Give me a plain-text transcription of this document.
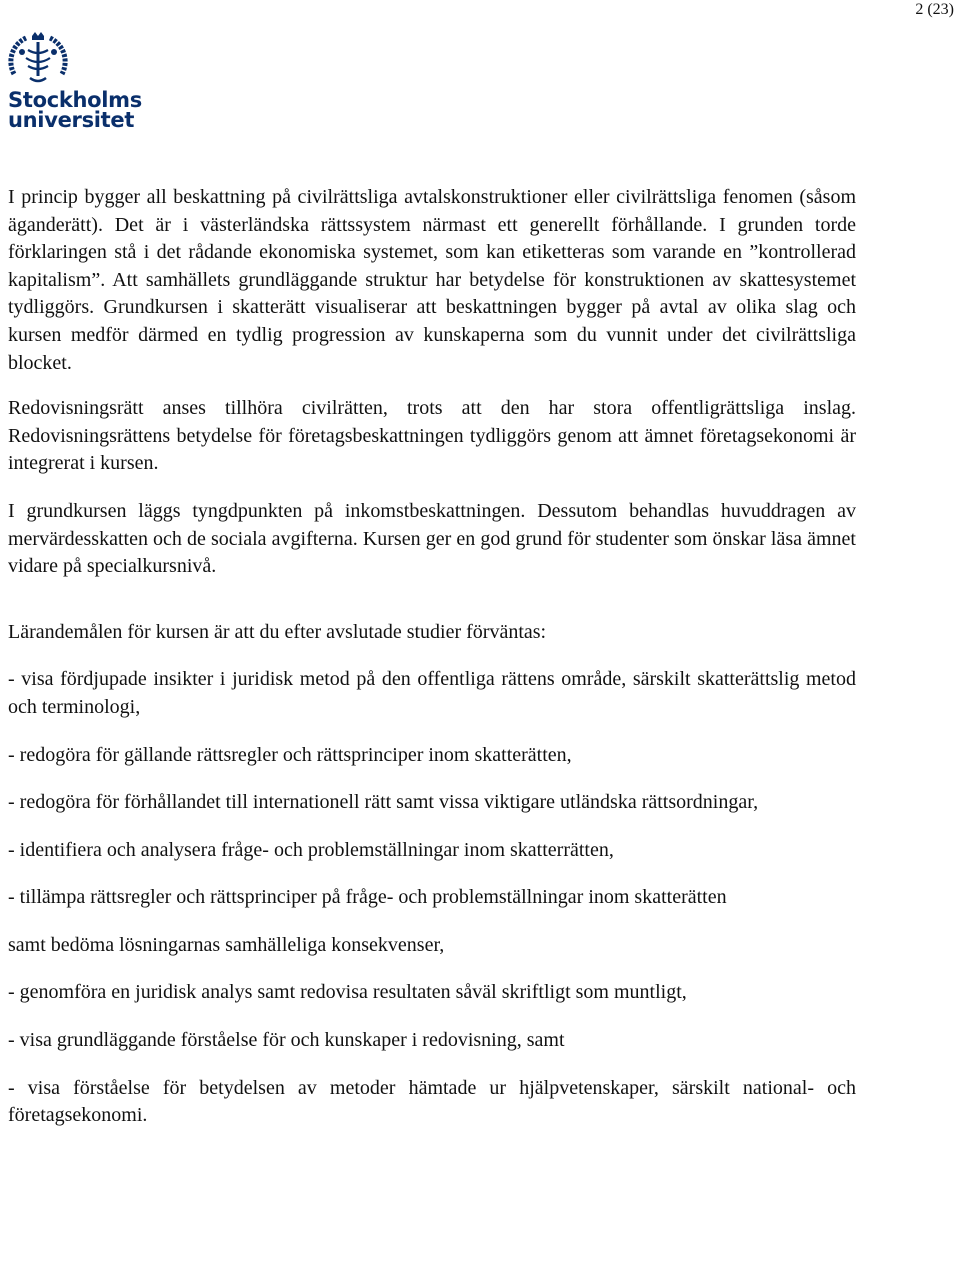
2 (23)
Stockholms
universitet

I princip bygger all beskattning på civilrättsliga avtalskonstruktioner eller civilrättsliga fenomen (såsom äganderätt). Det är i västerländska rättssystem närmast ett generellt förhållande. I grunden torde förklaringen stå i det rådande ekonomiska systemet, som kan etiketteras som varande en ”kontrollerad kapitalism”. Att samhällets grundläggande struktur har betydelse för konstruktionen av skattesystemet tydliggörs. Grundkursen i skatterätt visualiserar att beskattningen bygger på avtal av olika slag och kursen medför därmed en tydlig progression av kunskaperna som du vunnit under det civilrättsliga blocket.

Redovisningsrätt anses tillhöra civilrätten, trots att den har stora offentligrättsliga inslag. Redovisningsrättens betydelse för företagsbeskattningen tydliggörs genom att ämnet företagsekonomi är integrerat i kursen.

I grundkursen läggs tyngdpunkten på inkomstbeskattningen. Dessutom behandlas huvuddragen av mervärdesskatten och de sociala avgifterna. Kursen ger en god grund för studenter som önskar läsa ämnet vidare på specialkursnivå.

Lärandemålen för kursen är att du efter avslutade studier förväntas:

- visa fördjupade insikter i juridisk metod på den offentliga rättens område, särskilt skatterättslig metod och terminologi,

- redogöra för gällande rättsregler och rättsprinciper inom skatterätten,

- redogöra för förhållandet till internationell rätt samt vissa viktigare utländska rättsordningar,

- identifiera och analysera fråge- och problemställningar inom skatterrätten,

- tillämpa rättsregler och rättsprinciper på fråge- och problemställningar inom skatterätten

samt bedöma lösningarnas samhälleliga konsekvenser,

- genomföra en juridisk analys samt redovisa resultaten såväl skriftligt som muntligt,

- visa grundläggande förståelse för och kunskaper i redovisning, samt

- visa förståelse för betydelsen av metoder hämtade ur hjälpvetenskaper, särskilt national- och företagsekonomi.
